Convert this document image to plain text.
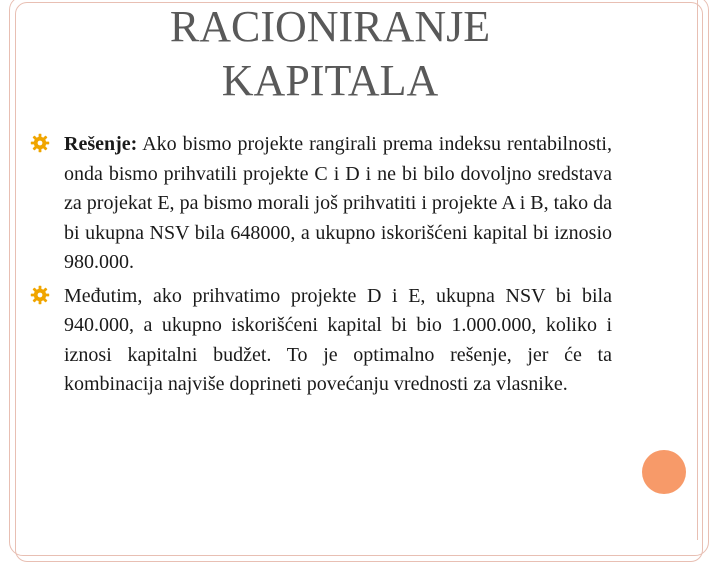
RACIONIRANJE
KAPITALA
Rešenje: Ako bismo projekte rangirali prema indeksu rentabilnosti, onda bismo prihvatili projekte C i D i ne bi bilo dovoljno sredstava za projekat E, pa bismo morali još prihvatiti i projekte A i B, tako da bi ukupna NSV bila 648000, a ukupno iskorišćeni kapital bi iznosio 980.000.
Međutim, ako prihvatimo projekte D i E, ukupna NSV bi bila 940.000, a ukupno iskorišćeni kapital bi bio 1.000.000, koliko i iznosi kapitalni budžet. To je optimalno rešenje, jer će ta kombinacija najviše doprineti povećanju vrednosti za vlasnike.
